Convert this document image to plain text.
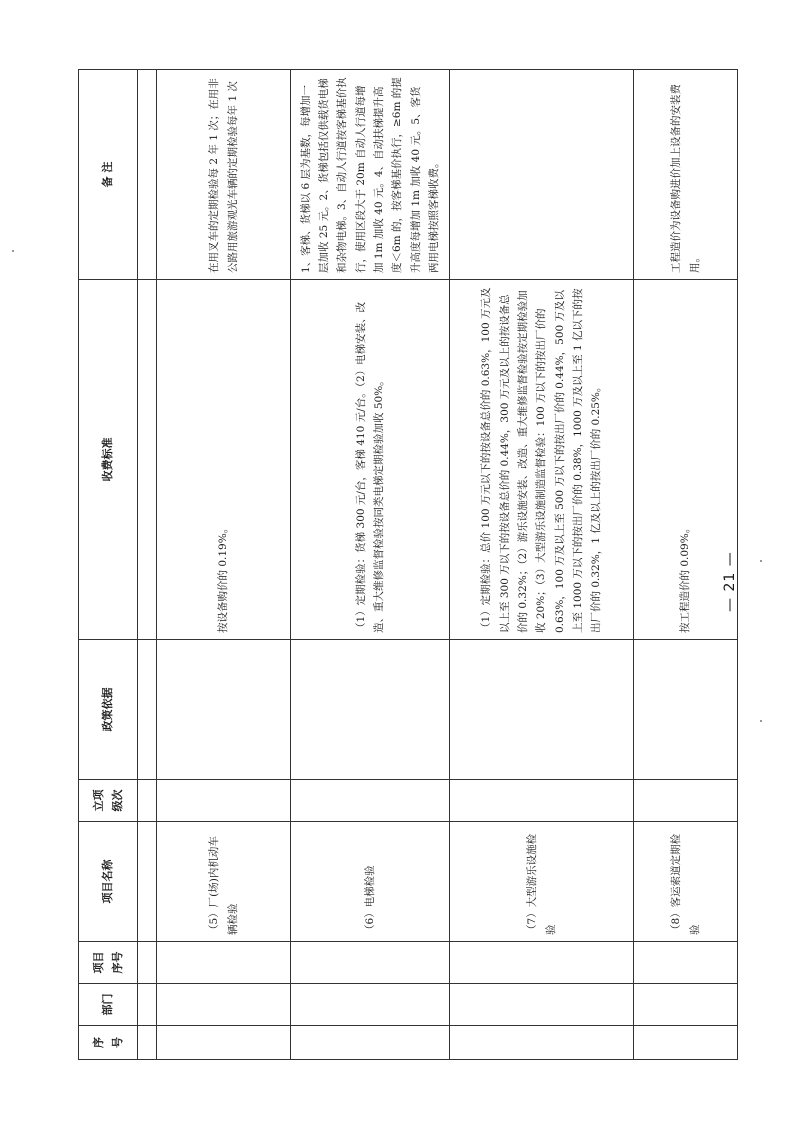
序号	部门	项目序号	项目名称	立项级次	政策依据	收费标准	备 注

			（5）厂(场)内机动车辆检验			按设备购价的 0.19%。	在用叉车的定期检验每 2 年 1 次；在用非公路用旅游观光车辆的定期检验每年 1 次
			（6）电梯检验			（1）定期检验：货梯 300 元/台，客梯 410 元/台。（2）电梯安装、改造、重大维修监督检验按同类电梯定期检验加收 50%。	1、客梯、货梯以 6 层为基数，每增加一层加收 25 元。2、货梯包括仅供载货电梯和杂物电梯。3、自动人行道按客梯基价执行，使用区段大于 20m 自动人行道每增加 1m 加收 40 元。4、自动扶梯提升高度＜6m 的，按客梯基价执行，≥6m 的提升高度每增加 1m 加收 40 元。5、客货两用电梯按照客梯收费。
			（7）大型游乐设施检验			（1）定期检验：总价 100 万元以下的按设备总价的 0.63%，100 万元及以上至 300 万以下的按设备总价的 0.44%，300 万元及以上的按设备总价的 0.32%；（2）游乐设施安装、改造、重大维修监督检验按定期检验加收 20%；（3）大型游乐设施制造监督检验：100 万以下的按出厂价的 0.63%，100 万及以上至 500 万以下的按出厂价的 0.44%，500 万及以上至 1000 万以下的按出厂价的 0.38%，1000 万及以上至 1 亿以下的按出厂价的 0.32%，1 亿及以上的按出厂价的 0.25%。	
			（8）客运索道定期检验			按工程造价的 0.09%。	工程造价为设备购进价加上设备的安装费用。
— 21 —
